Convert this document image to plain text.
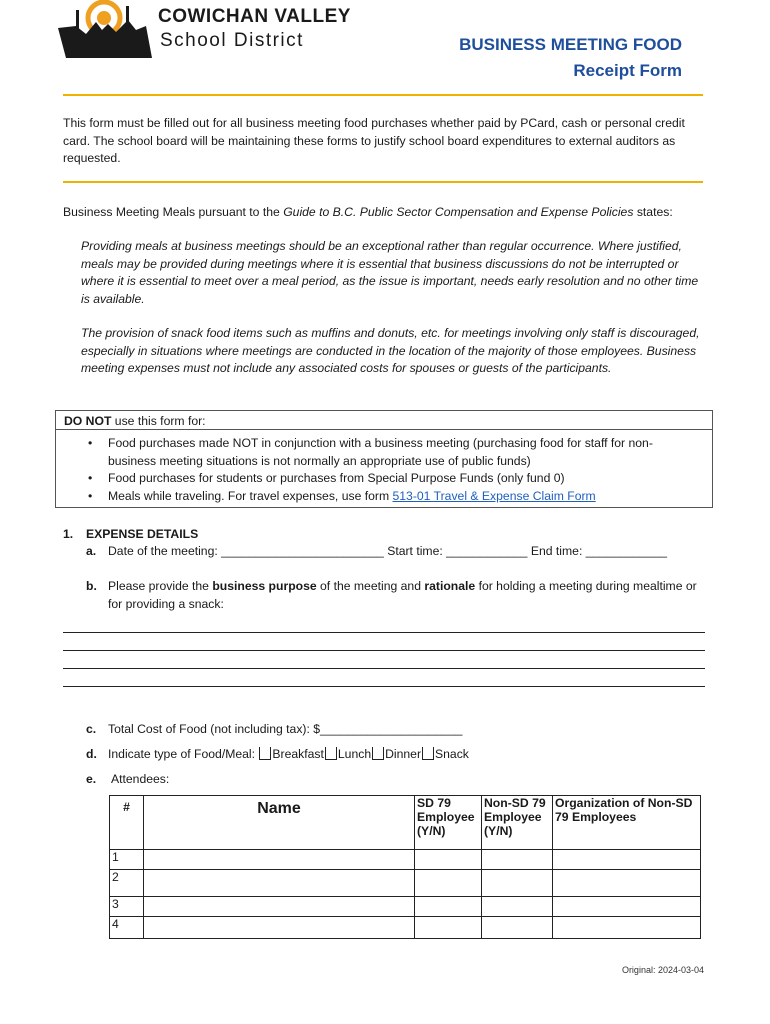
COWICHAN VALLEY
School District	BUSINESS MEETING FOOD
Receipt Form
This form must be filled out for all business meeting food purchases whether paid by PCard, cash or personal credit card. The school board will be maintaining these forms to justify school board expenditures to external auditors as requested.
Business Meeting Meals pursuant to the Guide to B.C. Public Sector Compensation and Expense Policies states:
Providing meals at business meetings should be an exceptional rather than regular occurrence. Where justified, meals may be provided during meetings where it is essential that business discussions do not be interrupted or where it is essential to meet over a meal period, as the issue is important, needs early resolution and no other time is available.
The provision of snack food items such as muffins and donuts, etc. for meetings involving only staff is discouraged, especially in situations where meetings are conducted in the location of the majority of those employees. Business meeting expenses must not include any associated costs for spouses or guests of the participants.
DO NOT use this form for:
• Food purchases made NOT in conjunction with a business meeting (purchasing food for staff for non-business meeting situations is not normally an appropriate use of public funds)
• Food purchases for students or purchases from Special Purpose Funds (only fund 0)
• Meals while traveling. For travel expenses, use form 513-01 Travel & Expense Claim Form
1. EXPENSE DETAILS
a. Date of the meeting: ________________________ Start time: ____________ End time: ____________
b. Please provide the business purpose of the meeting and rationale for holding a meeting during mealtime or for providing a snack:
c. Total Cost of Food (not including tax): $_____________________
d. Indicate type of Food/Meal: Breakfast Lunch Dinner Snack
e. Attendees:
#	Name	SD 79 Employee (Y/N)	Non-SD 79 Employee (Y/N)	Organization of Non-SD 79 Employees
1				
2				
3				
4				
Original: 2024-03-04
